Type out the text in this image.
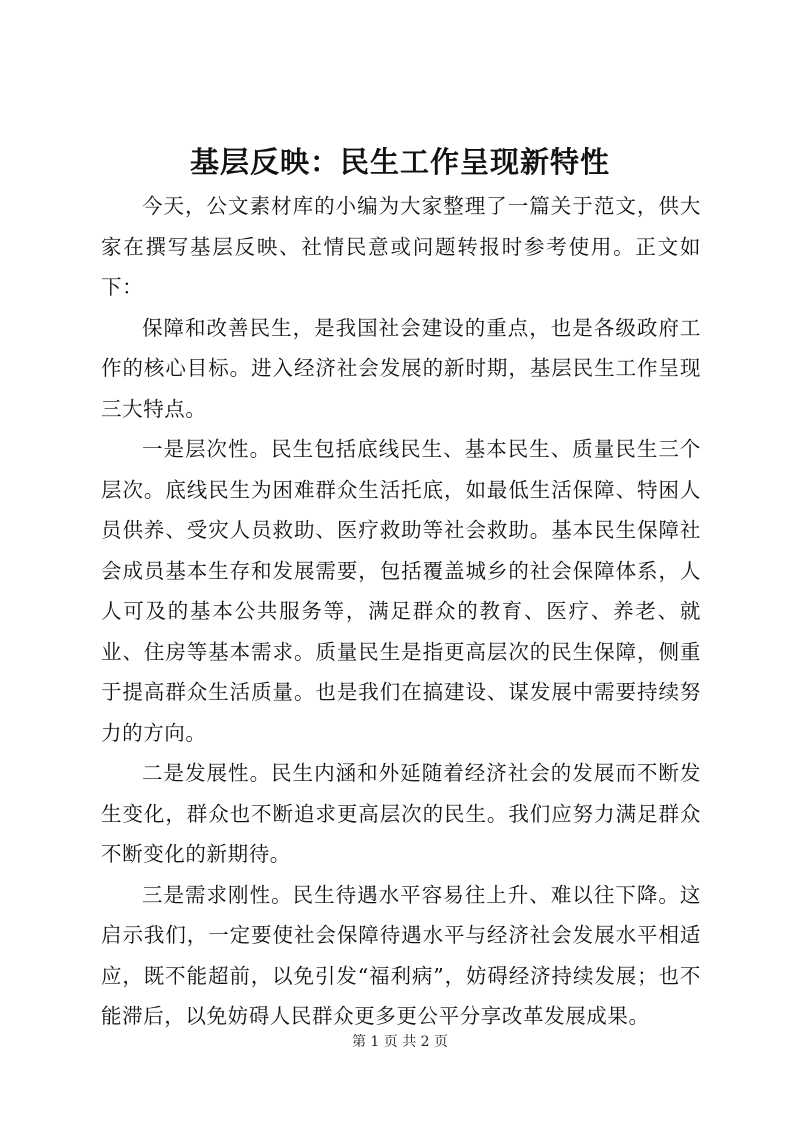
基层反映：民生工作呈现新特性

今天，公文素材库的小编为大家整理了一篇关于范文，供大家在撰写基层反映、社情民意或问题转报时参考使用。正文如下：

保障和改善民生，是我国社会建设的重点，也是各级政府工作的核心目标。进入经济社会发展的新时期，基层民生工作呈现三大特点。

一是层次性。民生包括底线民生、基本民生、质量民生三个层次。底线民生为困难群众生活托底，如最低生活保障、特困人员供养、受灾人员救助、医疗救助等社会救助。基本民生保障社会成员基本生存和发展需要，包括覆盖城乡的社会保障体系，人人可及的基本公共服务等，满足群众的教育、医疗、养老、就业、住房等基本需求。质量民生是指更高层次的民生保障，侧重于提高群众生活质量。也是我们在搞建设、谋发展中需要持续努力的方向。

二是发展性。民生内涵和外延随着经济社会的发展而不断发生变化，群众也不断追求更高层次的民生。我们应努力满足群众不断变化的新期待。

三是需求刚性。民生待遇水平容易往上升、难以往下降。这启示我们，一定要使社会保障待遇水平与经济社会发展水平相适应，既不能超前，以免引发“福利病”，妨碍经济持续发展；也不能滞后，以免妨碍人民群众更多更公平分享改革发展成果。

第 1 页 共 2 页
